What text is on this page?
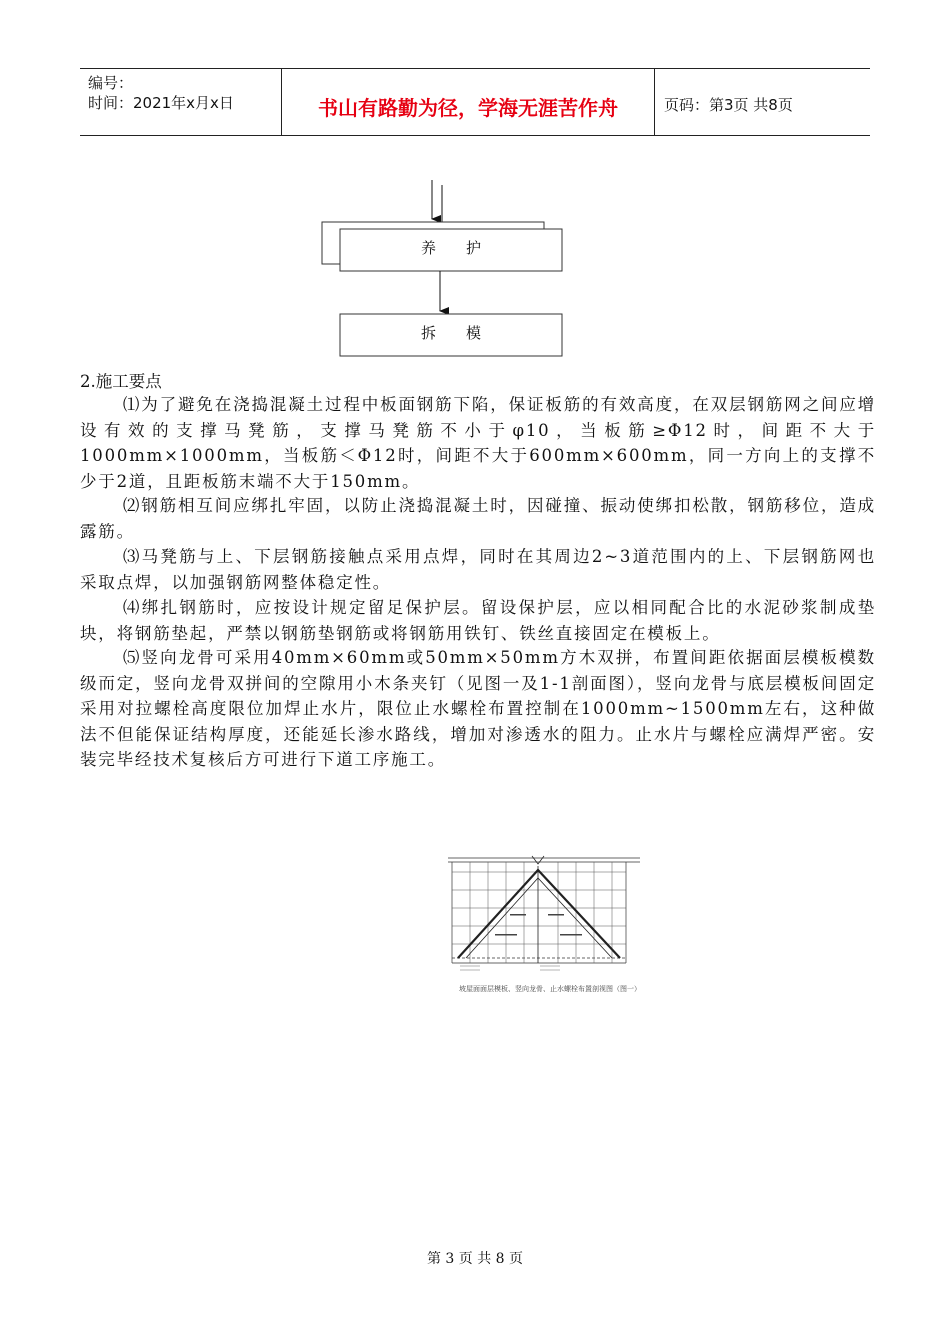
编号：
时间：2021年x月x日	书山有路勤为径，学海无涯苦作舟	页码：第3页 共8页
养　　护
拆　　模
2.施工要点
⑴为了避免在浇捣混凝土过程中板面钢筋下陷，保证板筋的有效高度，在双层钢筋网之间应增设有效的支撑马凳筋，支撑马凳筋不小于φ10，当板筋≥Φ12时，间距不大于1000mm×1000mm，当板筋＜Φ12时，间距不大于600mm×600mm，同一方向上的支撑不少于2道，且距板筋末端不大于150mm。
⑵钢筋相互间应绑扎牢固，以防止浇捣混凝土时，因碰撞、振动使绑扣松散，钢筋移位，造成露筋。
⑶马凳筋与上、下层钢筋接触点采用点焊，同时在其周边2~3道范围内的上、下层钢筋网也采取点焊，以加强钢筋网整体稳定性。
⑷绑扎钢筋时，应按设计规定留足保护层。留设保护层，应以相同配合比的水泥砂浆制成垫块，将钢筋垫起，严禁以钢筋垫钢筋或将钢筋用铁钉、铁丝直接固定在模板上。
⑸竖向龙骨可采用40mm×60mm或50mm×50mm方木双拼，布置间距依据面层模板模数级而定，竖向龙骨双拼间的空隙用小木条夹钉（见图一及1-1剖面图），竖向龙骨与底层模板间固定采用对拉螺栓高度限位加焊止水片，限位止水螺栓布置控制在1000mm~1500mm左右，这种做法不但能保证结构厚度，还能延长渗水路线，增加对渗透水的阻力。止水片与螺栓应满焊严密。安装完毕经技术复核后方可进行下道工序施工。
坡屋面面层模板、竖向龙骨、止水螺栓布置剖视图（图一）
第 3 页 共 8 页
